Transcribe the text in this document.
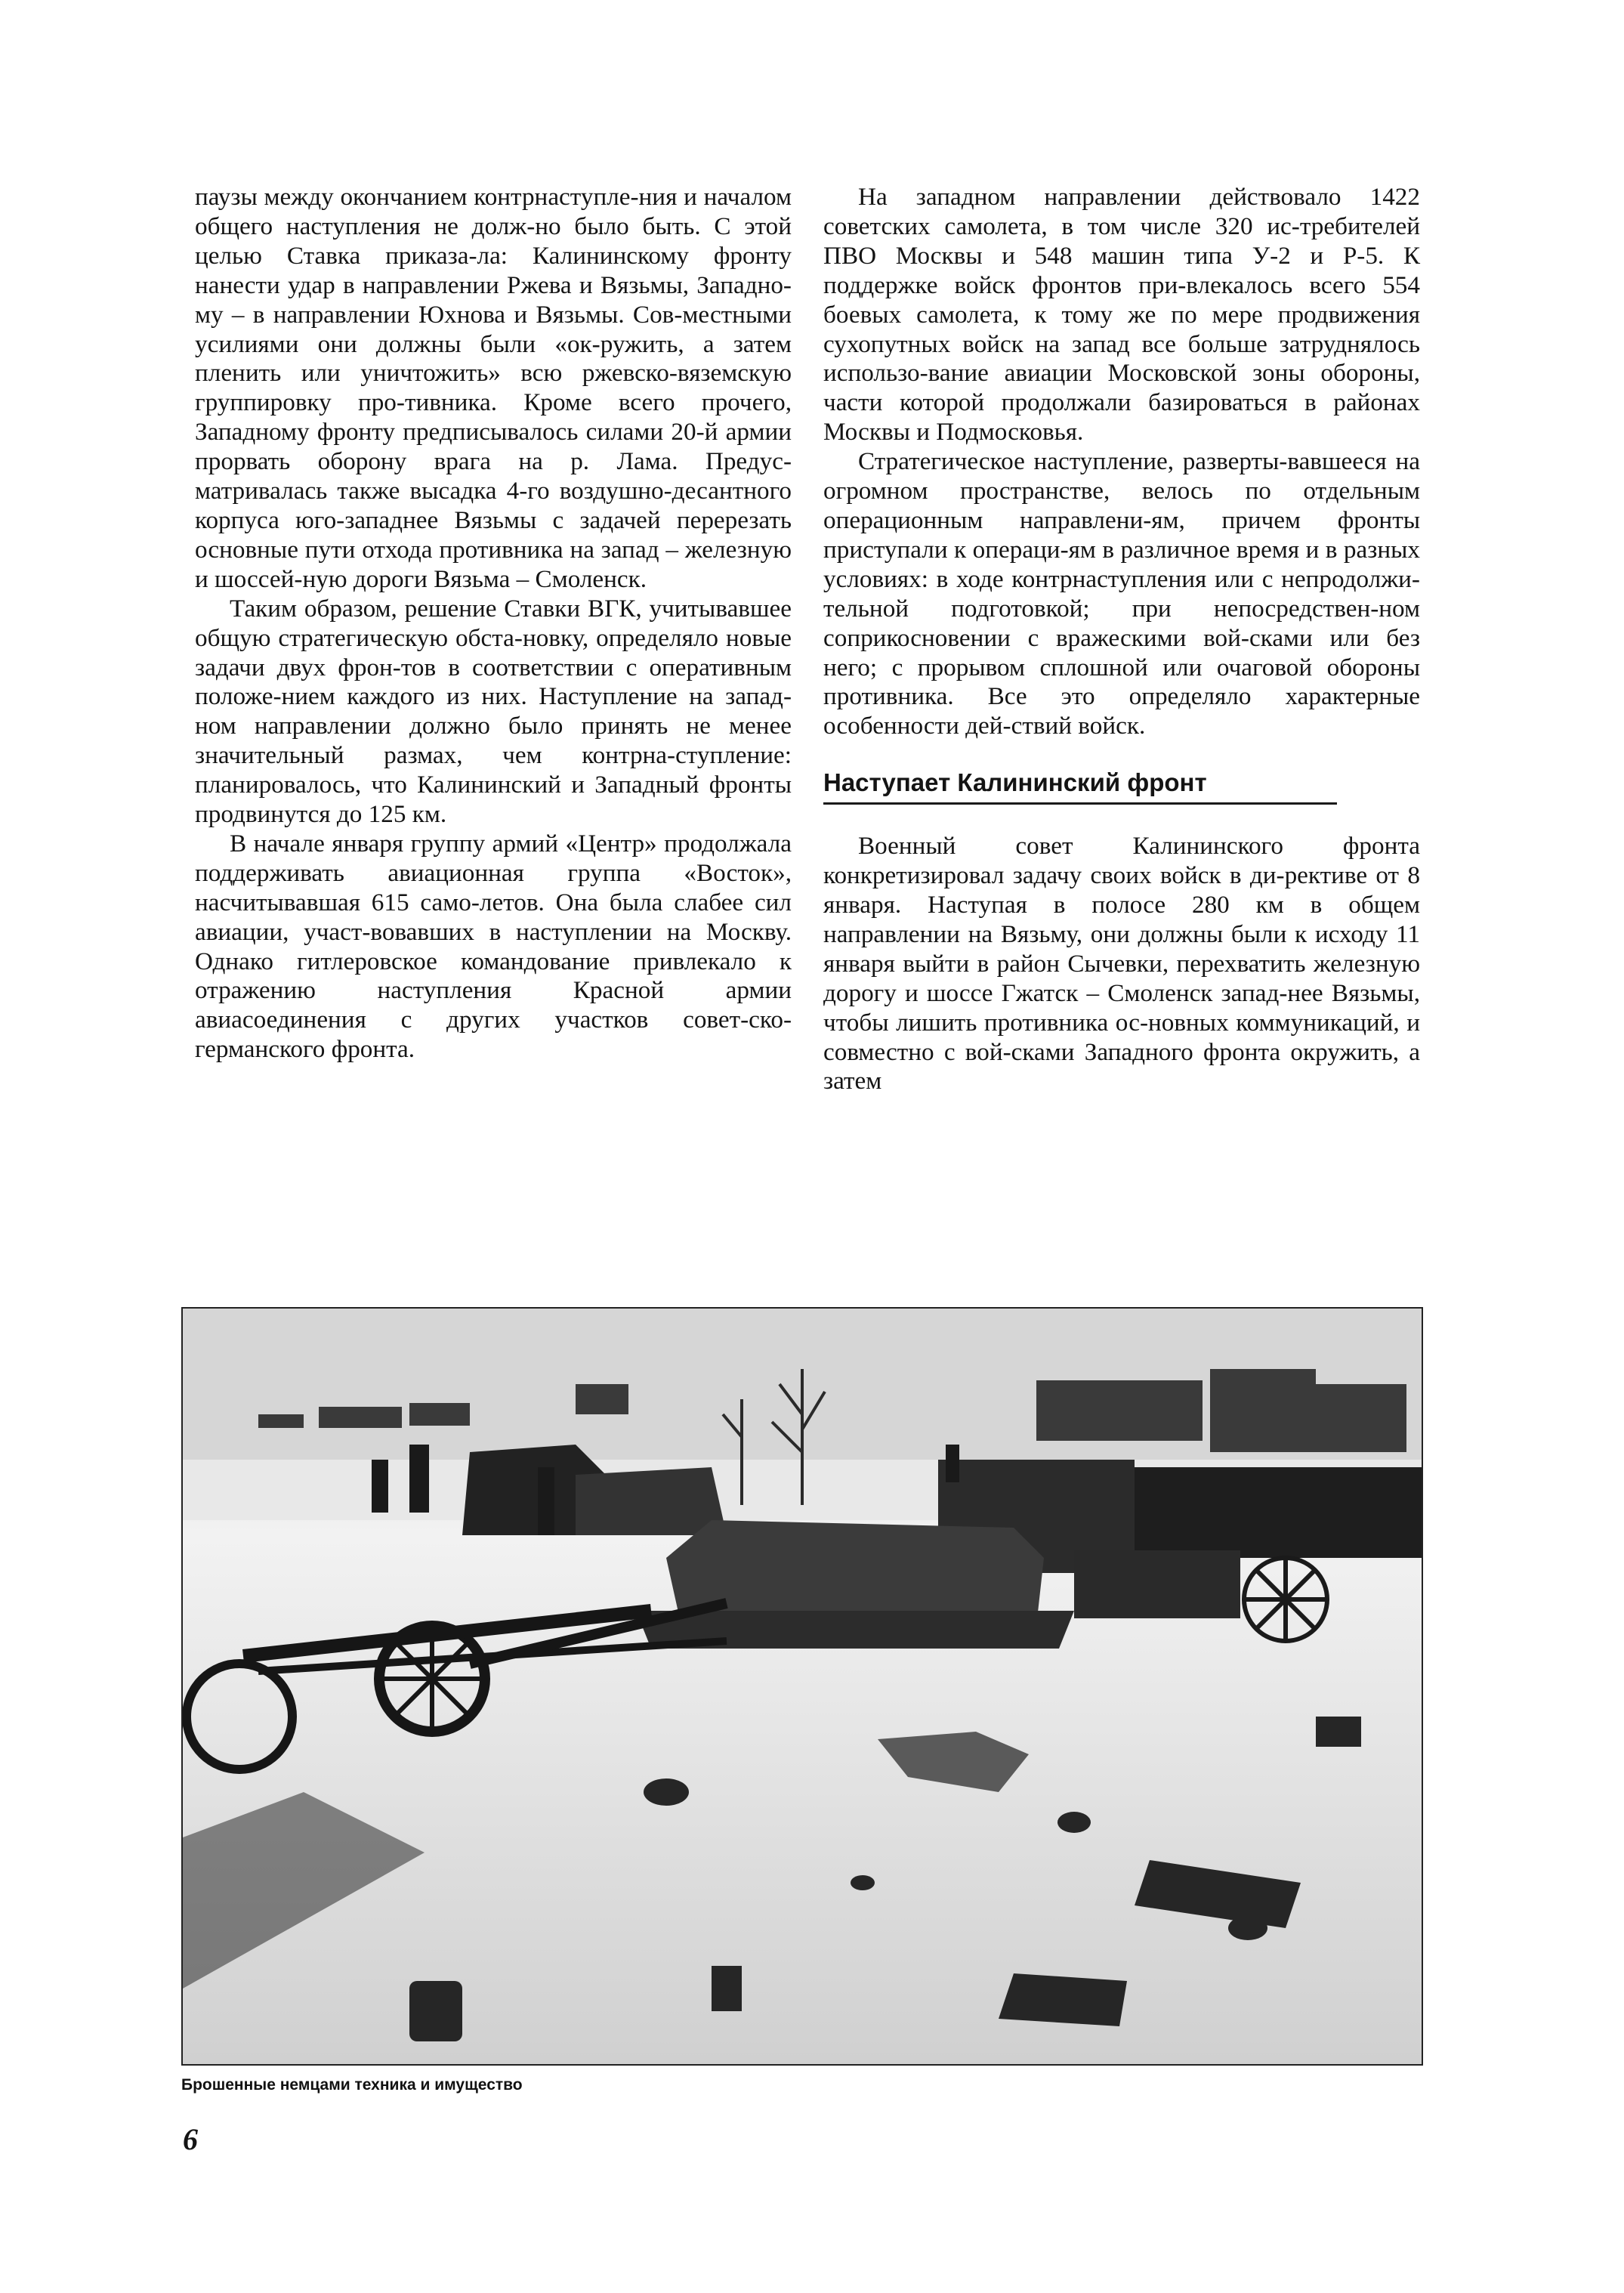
паузы между окончанием контрнаступле-ния и началом общего наступления не долж-но было быть. С этой целью Ставка приказа-ла: Калининскому фронту нанести удар в направлении Ржева и Вязьмы, Западно-му – в направлении Юхнова и Вязьмы. Сов-местными усилиями они должны были «ок-ружить, а затем пленить или уничтожить» всю ржевско-вяземскую группировку про-тивника. Кроме всего прочего, Западному фронту предписывалось силами 20-й армии прорвать оборону врага на р. Лама. Предус-матривалась также высадка 4-го воздушно-десантного корпуса юго-западнее Вязьмы с задачей перерезать основные пути отхода противника на запад – железную и шоссей-ную дороги Вязьма – Смоленск.

Таким образом, решение Ставки ВГК, учитывавшее общую стратегическую обста-новку, определяло новые задачи двух фрон-тов в соответствии с оперативным положе-нием каждого из них. Наступление на запад-ном направлении должно было принять не менее значительный размах, чем контрна-ступление: планировалось, что Калининский и Западный фронты продвинутся до 125 км.

В начале января группу армий «Центр» продолжала поддерживать авиационная группа «Восток», насчитывавшая 615 само-летов. Она была слабее сил авиации, участ-вовавших в наступлении на Москву. Однако гитлеровское командование привлекало к отражению наступления Красной армии авиасоединения с других участков совет-ско-германского фронта.

На западном направлении действовало 1422 советских самолета, в том числе 320 ис-требителей ПВО Москвы и 548 машин типа У-2 и Р-5. К поддержке войск фронтов при-влекалось всего 554 боевых самолета, к тому же по мере продвижения сухопутных войск на запад все больше затруднялось использо-вание авиации Московской зоны обороны, части которой продолжали базироваться в районах Москвы и Подмосковья.

Стратегическое наступление, разверты-вавшееся на огромном пространстве, велось по отдельным операционным направлени-ям, причем фронты приступали к операци-ям в различное время и в разных условиях: в ходе контрнаступления или с непродолжи-тельной подготовкой; при непосредствен-ном соприкосновении с вражескими вой-сками или без него; с прорывом сплошной или очаговой обороны противника. Все это определяло характерные особенности дей-ствий войск.

Наступает Калининский фронт

Военный совет Калининского фронта конкретизировал задачу своих войск в ди-рективе от 8 января. Наступая в полосе 280 км в общем направлении на Вязьму, они должны были к исходу 11 января выйти в район Сычевки, перехватить железную дорогу и шоссе Гжатск – Смоленск запад-нее Вязьмы, чтобы лишить противника ос-новных коммуникаций, и совместно с вой-сками Западного фронта окружить, а затем

Брошенные немцами техника и имущество
6
